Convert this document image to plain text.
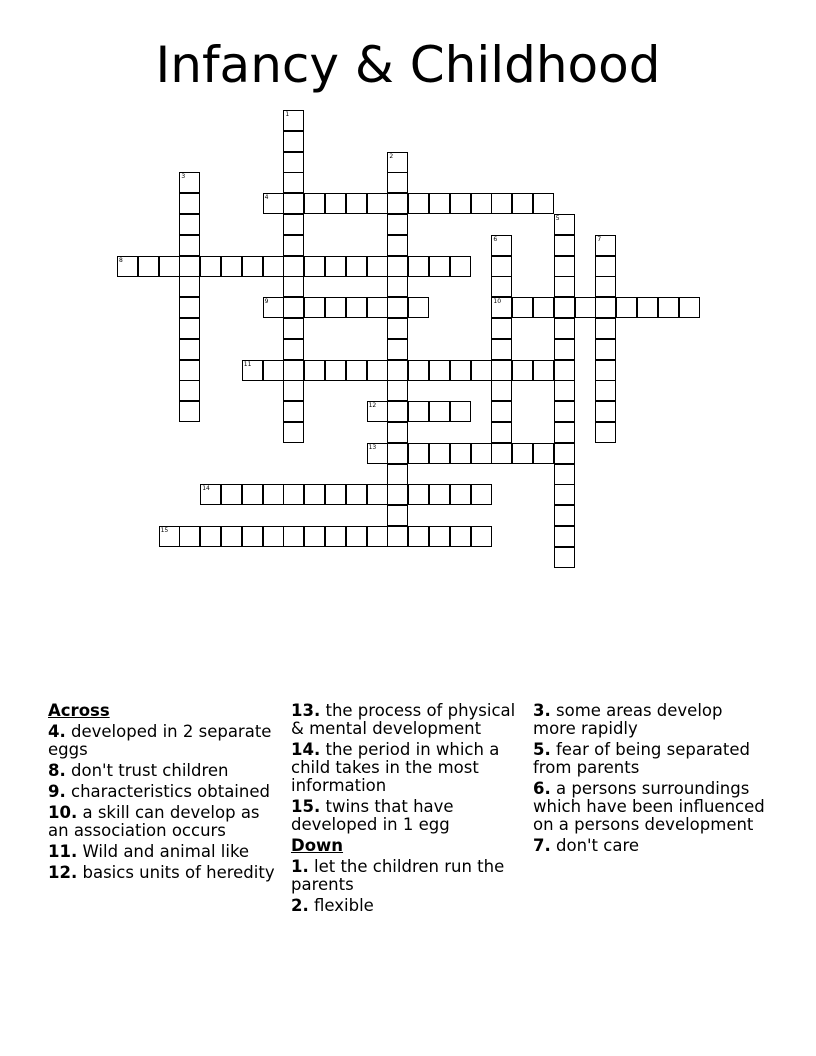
Infancy & Childhood
1
2
3
4
5
6
10
7
8
9
11
12
13
14
15
Across
4. developed in 2 separate eggs
8. don't trust children
9. characteristics obtained
10. a skill can develop as an association occurs
11. Wild and animal like
12. basics units of heredity
13. the process of physical & mental development
14. the period in which a child takes in the most information
15. twins that have developed in 1 egg
Down
1. let the children run the parents
2. flexible
3. some areas develop more rapidly
5. fear of being separated from parents
6. a persons surroundings which have been influenced on a persons development
7. don't care
